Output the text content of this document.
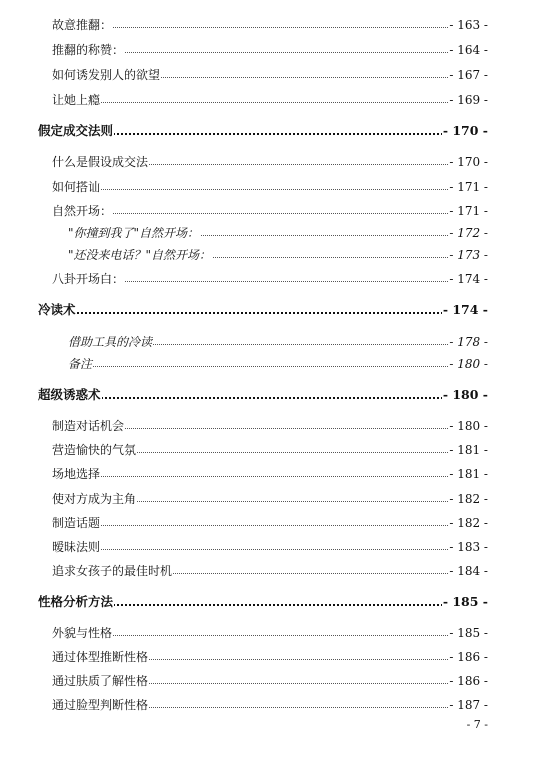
故意推翻：	- 163 -
推翻的称赞：	- 164 -
如何诱发别人的欲望	- 167 -
让她上瘾	- 169 -
假定成交法则	- 170 -
什么是假设成交法	- 170 -
如何搭讪	- 171 -
自然开场：	- 171 -
"你撞到我了"自然开场：	- 172 -
"还没来电话？"自然开场：	- 173 -
八卦开场白：	- 174 -
冷读术	- 174 -
借助工具的冷读	- 178 -
备注	- 180 -
超级诱惑术	- 180 -
制造对话机会	- 180 -
营造愉快的气氛	- 181 -
场地选择	- 181 -
使对方成为主角	- 182 -
制造话题	- 182 -
暧昧法则	- 183 -
追求女孩子的最佳时机	- 184 -
性格分析方法	- 185 -
外貌与性格	- 185 -
通过体型推断性格	- 186 -
通过肤质了解性格	- 186 -
通过脸型判断性格	- 187 -
- 7 -
